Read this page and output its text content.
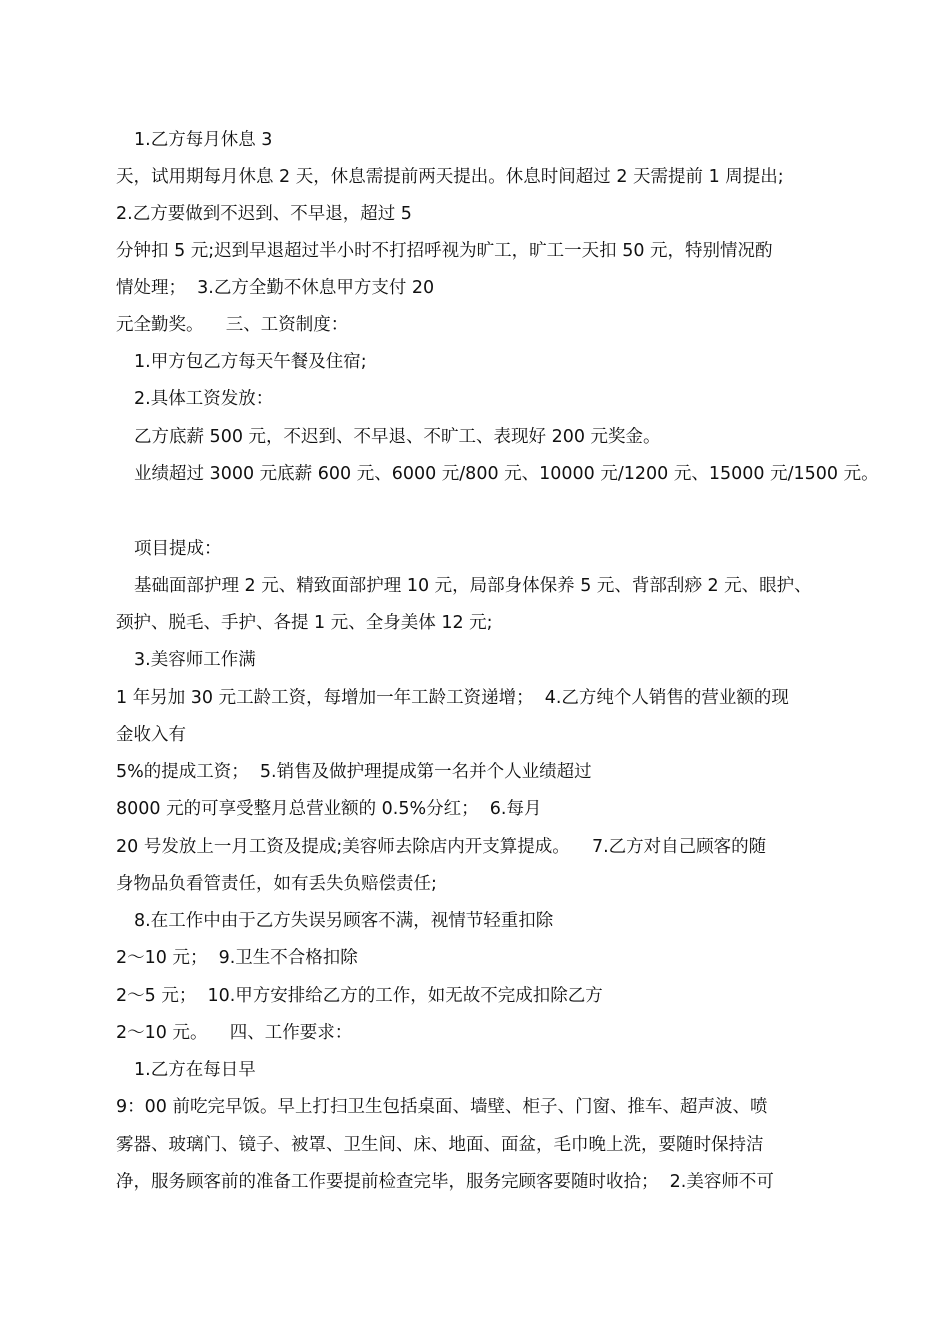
1.乙方每月休息 3

天，试用期每月休息 2 天，休息需提前两天提出。休息时间超过 2 天需提前 1 周提出;

2.乙方要做到不迟到、不早退，超过 5

分钟扣 5 元;迟到早退超过半小时不打招呼视为旷工，旷工一天扣 50 元，特别情况酌

情处理；  3.乙方全勤不休息甲方支付 20

元全勤奖。    三、工资制度：

1.甲方包乙方每天午餐及住宿;

2.具体工资发放：

乙方底薪 500 元，不迟到、不早退、不旷工、表现好 200 元奖金。

业绩超过 3000 元底薪 600 元、6000 元/800 元、10000 元/1200 元、15000 元/1500 元。

项目提成：

基础面部护理 2 元、精致面部护理 10 元，局部身体保养 5 元、背部刮痧 2 元、眼护、

颈护、脱毛、手护、各提 1 元、全身美体 12 元;

3.美容师工作满

1 年另加 30 元工龄工资，每增加一年工龄工资递增；  4.乙方纯个人销售的营业额的现

金收入有

5%的提成工资；  5.销售及做护理提成第一名并个人业绩超过

8000 元的可享受整月总营业额的 0.5%分红；  6.每月

20 号发放上一月工资及提成;美容师去除店内开支算提成。    7.乙方对自己顾客的随

身物品负看管责任，如有丢失负赔偿责任;

8.在工作中由于乙方失误另顾客不满，视情节轻重扣除

2～10 元；  9.卫生不合格扣除

2～5 元；  10.甲方安排给乙方的工作，如无故不完成扣除乙方

2～10 元。    四、工作要求：

1.乙方在每日早

9：00 前吃完早饭。早上打扫卫生包括桌面、墙壁、柜子、门窗、推车、超声波、喷

雾器、玻璃门、镜子、被罩、卫生间、床、地面、面盆，毛巾晚上洗，要随时保持洁

净，服务顾客前的准备工作要提前检查完毕，服务完顾客要随时收拾；  2.美容师不可
